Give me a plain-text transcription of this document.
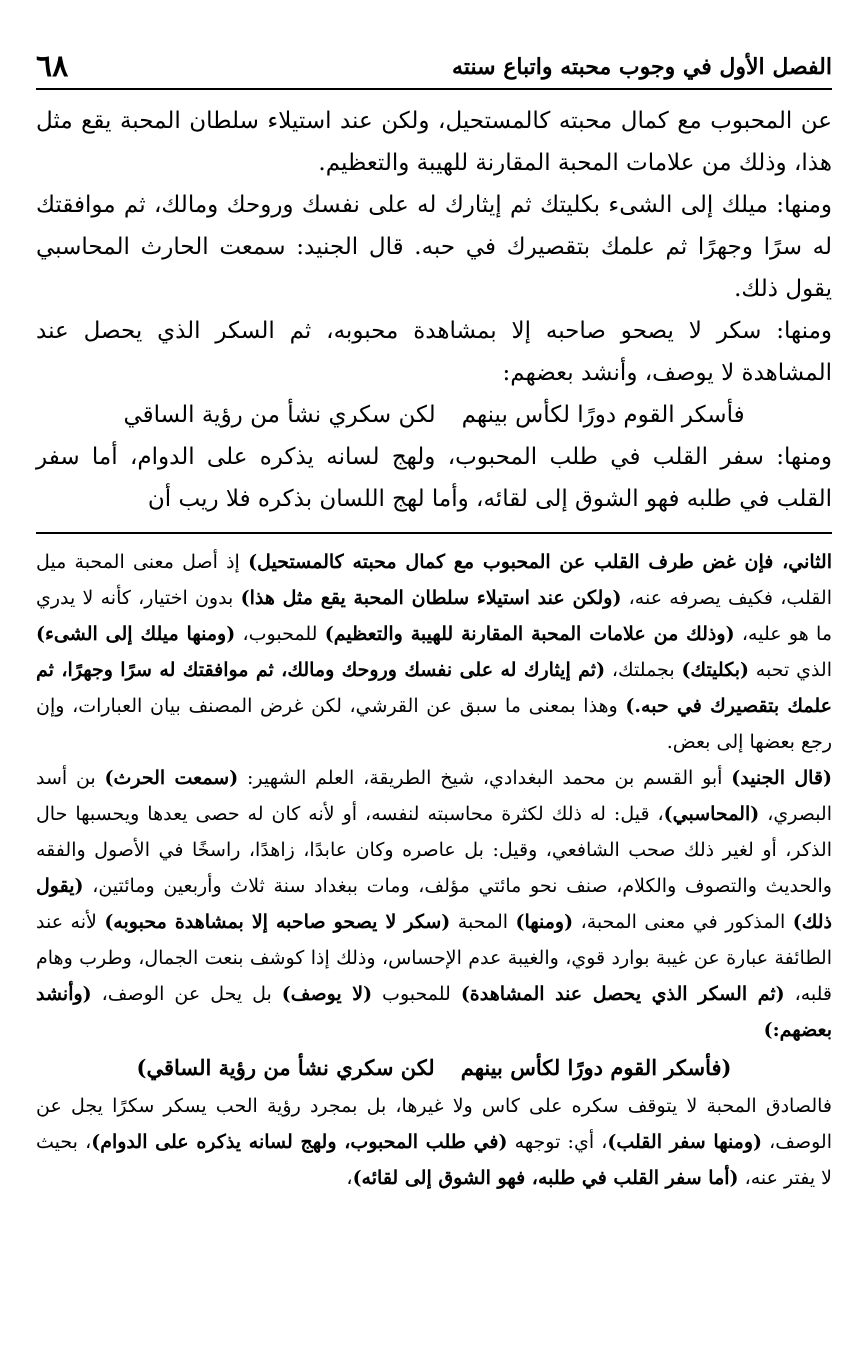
الفصل الأول في وجوب محبته واتباع سنته
٦٨

عن المحبوب مع كمال محبته كالمستحيل، ولكن عند استيلاء سلطان المحبة يقع مثل هذا، وذلك من علامات المحبة المقارنة للهيبة والتعظيم.

ومنها: ميلك إلى الشىء بكليتك ثم إيثارك له على نفسك وروحك ومالك، ثم موافقتك له سرًا وجهرًا ثم علمك بتقصيرك في حبه. قال الجنيد: سمعت الحارث المحاسبي يقول ذلك.

ومنها: سكر لا يصحو صاحبه إلا بمشاهدة محبوبه، ثم السكر الذي يحصل عند المشاهدة لا يوصف، وأنشد بعضهم:

فأسكر القوم دورًا لكأس بينهم
لكن سكري نشأ من رؤية الساقي

ومنها: سفر القلب في طلب المحبوب، ولهج لسانه يذكره على الدوام، أما سفر القلب في طلبه فهو الشوق إلى لقائه، وأما لهج اللسان بذكره فلا ريب أن

الثاني، فإن غض طرف القلب عن المحبوب مع كمال محبته كالمستحيل) إذ أصل معنى المحبة ميل القلب، فكيف يصرفه عنه، (ولكن عند استيلاء سلطان المحبة يقع مثل هذا) بدون اختيار، كأنه لا يدري ما هو عليه، (وذلك من علامات المحبة المقارنة للهيبة والتعظيم) للمحبوب، (ومنها ميلك إلى الشىء) الذي تحبه (بكليتك) بجملتك، (ثم إيثارك له على نفسك وروحك ومالك، ثم موافقتك له سرًا وجهرًا، ثم علمك بتقصيرك في حبه.) وهذا بمعنى ما سبق عن القرشي، لكن غرض المصنف بيان العبارات، وإن رجع بعضها إلى بعض.

(قال الجنيد) أبو القسم بن محمد البغدادي، شيخ الطريقة، العلم الشهير: (سمعت الحرث) بن أسد البصري، (المحاسبي)، قيل: له ذلك لكثرة محاسبته لنفسه، أو لأنه كان له حصى يعدها ويحسبها حال الذكر، أو لغير ذلك صحب الشافعي، وقيل: بل عاصره وكان عابدًا، زاهدًا، راسخًا في الأصول والفقه والحديث والتصوف والكلام، صنف نحو مائتي مؤلف، ومات ببغداد سنة ثلاث وأربعين ومائتين، (يقول ذلك) المذكور في معنى المحبة، (ومنها) المحبة (سكر لا يصحو صاحبه إلا بمشاهدة محبوبه) لأنه عند الطائفة عبارة عن غيبة بوارد قوي، والغيبة عدم الإحساس، وذلك إذا كوشف بنعت الجمال، وطرب وهام قلبه، (ثم السكر الذي يحصل عند المشاهدة) للمحبوب (لا يوصف) بل يحل عن الوصف، (وأنشد بعضهم:)

(فأسكر القوم دورًا لكأس بينهم
لكن سكري نشأ من رؤية الساقي)

فالصادق المحبة لا يتوقف سكره على كاس ولا غيرها، بل بمجرد رؤية الحب يسكر سكرًا يجل عن الوصف، (ومنها سفر القلب)، أي: توجهه (في طلب المحبوب، ولهج لسانه يذكره على الدوام)، بحيث لا يفتر عنه، (أما سفر القلب في طلبه، فهو الشوق إلى لقائه)،
